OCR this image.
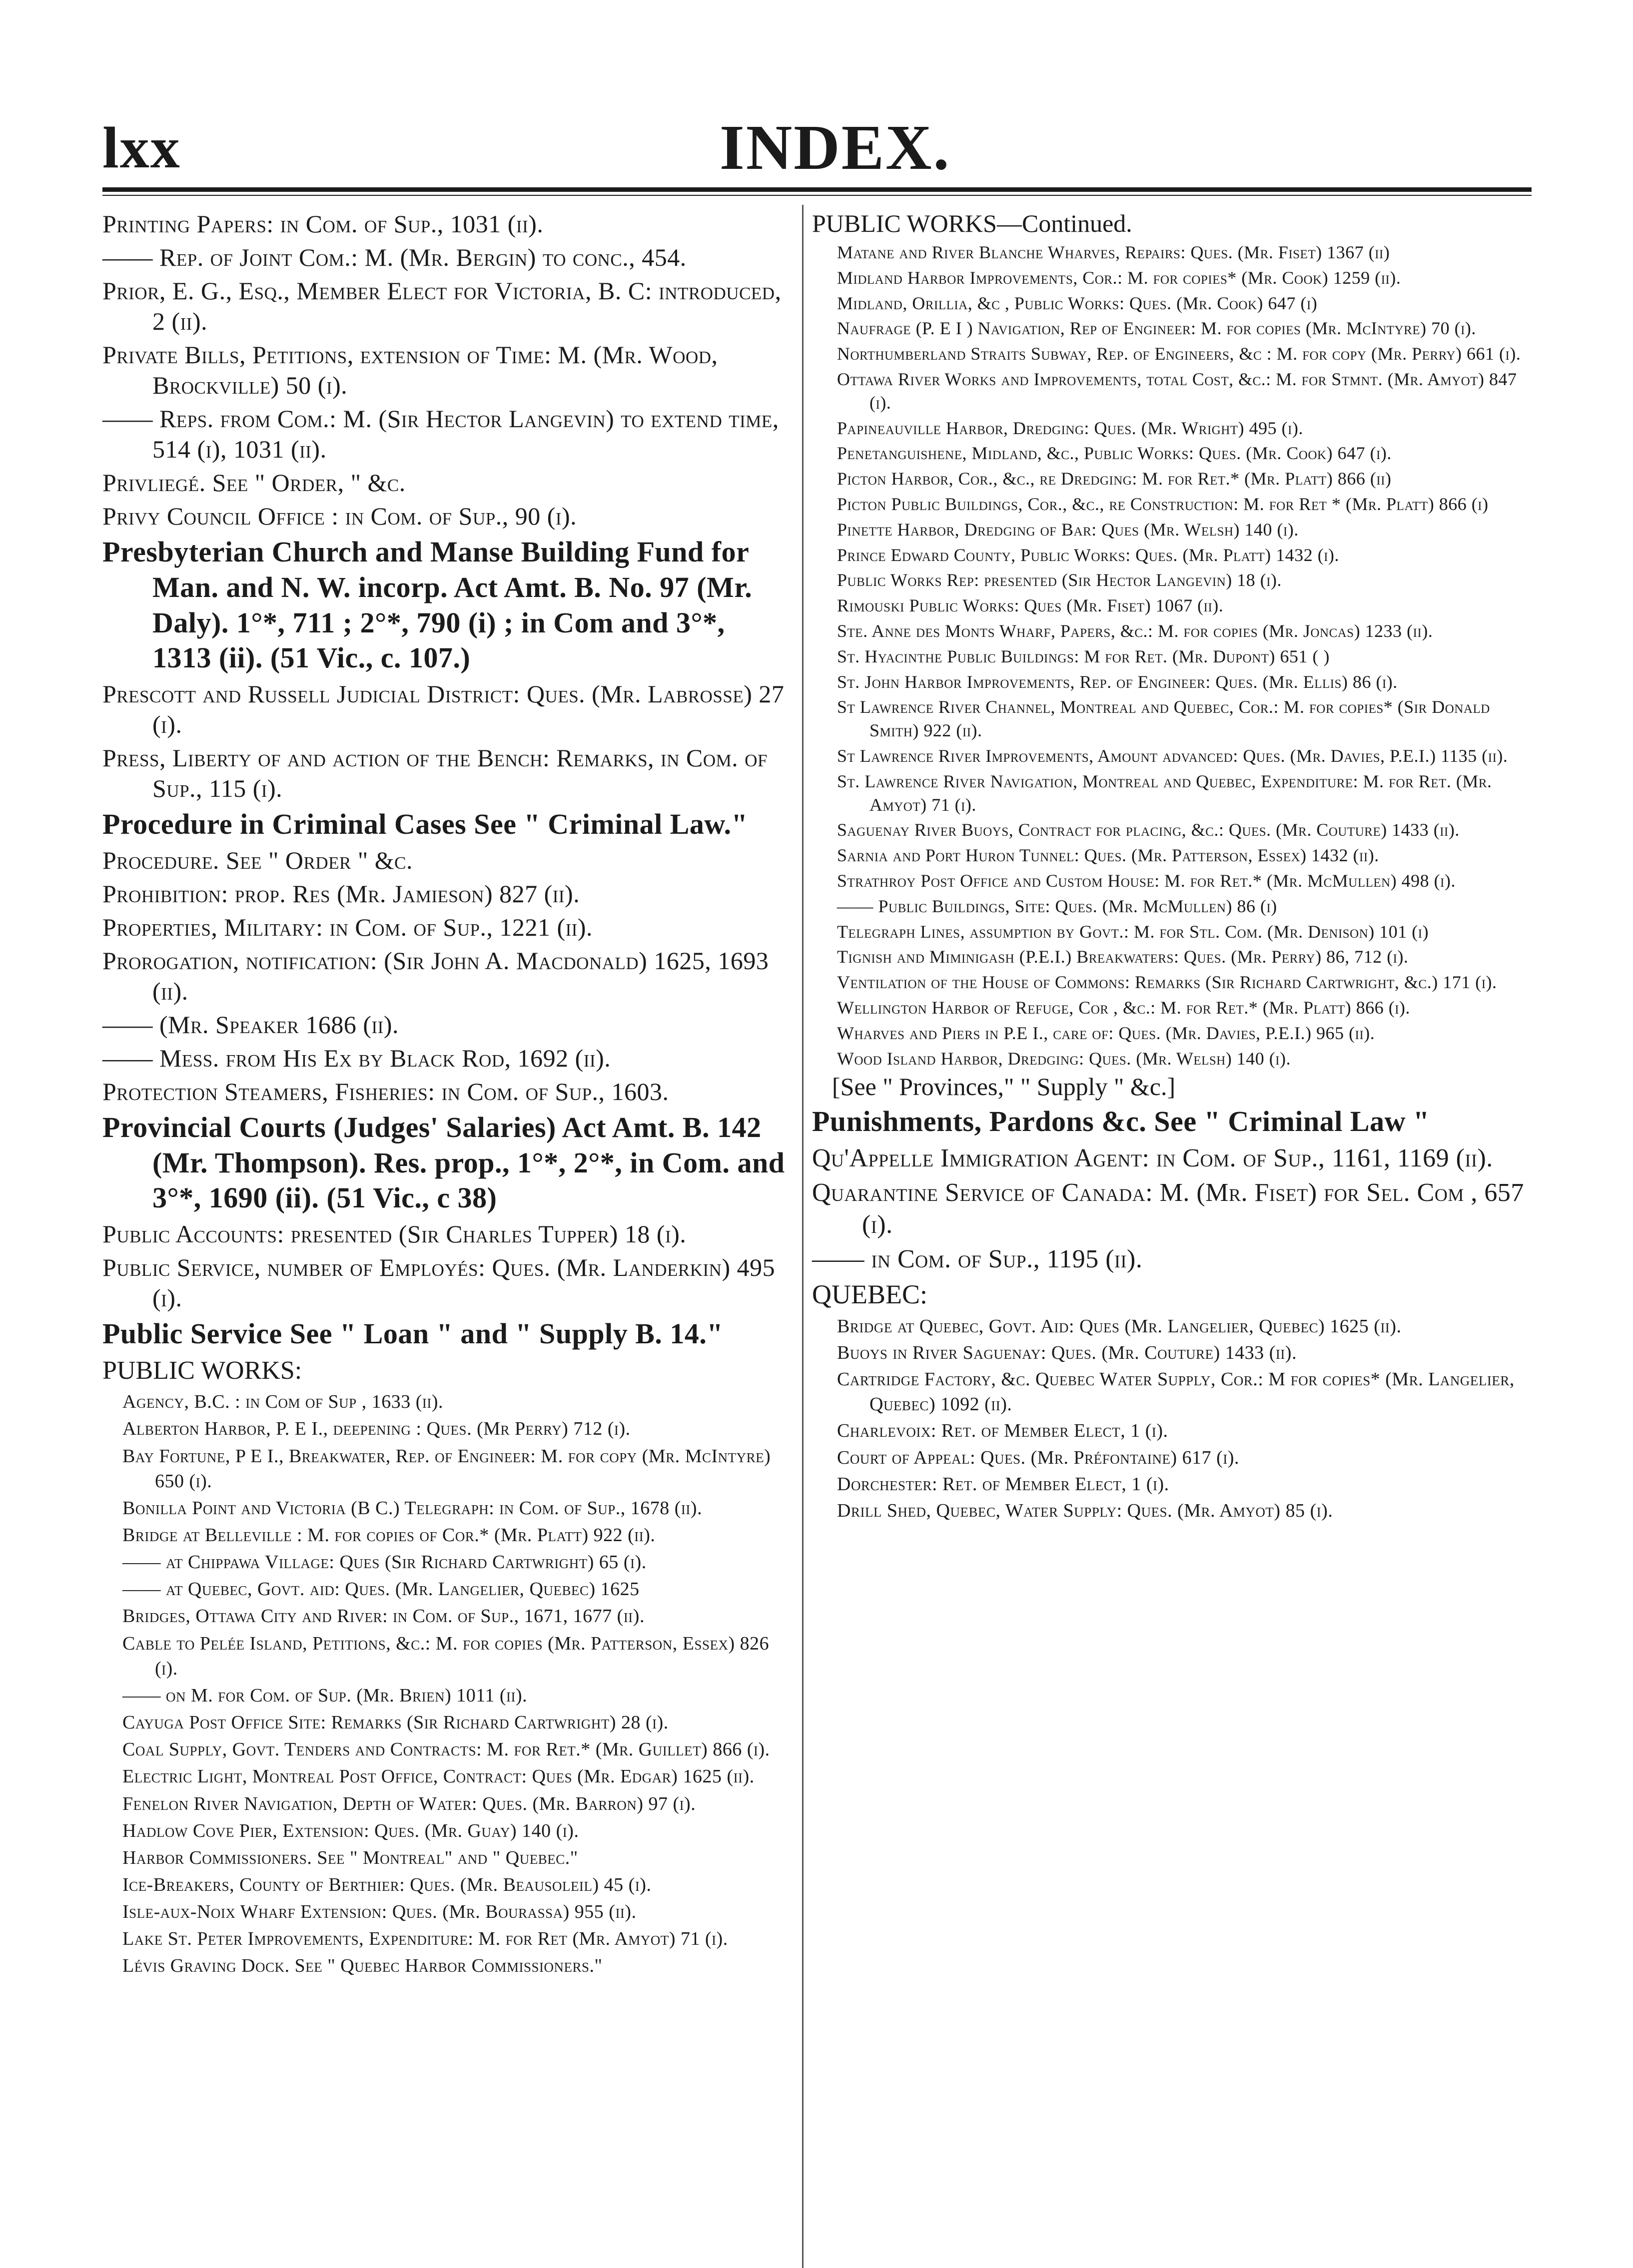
lxx	INDEX.
Printing Papers: in Com. of Sup., 1031 (ii).
—— Rep. of Joint Com.: M. (Mr. Bergin) to conc., 454.
Prior, E. G., Esq., Member Elect for Victoria, B. C: introduced, 2 (ii).
Private Bills, Petitions, extension of Time: M. (Mr. Wood, Brockville) 50 (i).
—— Reps. from Com.: M. (Sir Hector Langevin) to extend time, 514 (i), 1031 (ii).
Privliegé. See " Order, " &c.
Privy Council Office : in Com. of Sup., 90 (i).
Presbyterian Church and Manse Building Fund for Man. and N. W. incorp. Act Amt. B. No. 97 (Mr. Daly). 1°*, 711 ; 2°*, 790 (i) ; in Com and 3°*, 1313 (ii). (51 Vic., c. 107.)
Prescott and Russell Judicial District: Ques. (Mr. Labrosse) 27 (i).
Press, Liberty of and action of the Bench: Remarks, in Com. of Sup., 115 (i).
Procedure in Criminal Cases See " Criminal Law."
Procedure. See " Order " &c.
Prohibition: prop. Res (Mr. Jamieson) 827 (ii).
Properties, Military: in Com. of Sup., 1221 (ii).
Prorogation, notification: (Sir John A. Macdonald) 1625, 1693 (ii).
—— (Mr. Speaker 1686 (ii).
—— Mess. from His Ex by Black Rod, 1692 (ii).
Protection Steamers, Fisheries: in Com. of Sup., 1603.
Provincial Courts (Judges' Salaries) Act Amt. B. 142 (Mr. Thompson). Res. prop., 1°*, 2°*, in Com. and 3°*, 1690 (ii). (51 Vic., c 38)
Public Accounts: presented (Sir Charles Tupper) 18 (i).
Public Service, number of Employés: Ques. (Mr. Landerkin) 495 (i).
Public Service See " Loan " and " Supply B. 14."
PUBLIC WORKS:
Agency, B.C. : in Com of Sup , 1633 (ii).
Alberton Harbor, P. E I., deepening : Ques. (Mr Perry) 712 (i).
Bay Fortune, P E I., Breakwater, Rep. of Engineer: M. for copy (Mr. McIntyre) 650 (i).
Bonilla Point and Victoria (B C.) Telegraph: in Com. of Sup., 1678 (ii).
Bridge at Belleville : M. for copies of Cor.* (Mr. Platt) 922 (ii).
—— at Chippawa Village: Ques (Sir Richard Cartwright) 65 (i).
—— at Quebec, Govt. aid: Ques. (Mr. Langelier, Quebec) 1625
Bridges, Ottawa City and River: in Com. of Sup., 1671, 1677 (ii).
Cable to Pelée Island, Petitions, &c.: M. for copies (Mr. Patterson, Essex) 826 (i).
—— on M. for Com. of Sup. (Mr. Brien) 1011 (ii).
Cayuga Post Office Site: Remarks (Sir Richard Cartwright) 28 (i).
Coal Supply, Govt. Tenders and Contracts: M. for Ret.* (Mr. Guillet) 866 (i).
Electric Light, Montreal Post Office, Contract: Ques (Mr. Edgar) 1625 (ii).
Fenelon River Navigation, Depth of Water: Ques. (Mr. Barron) 97 (i).
Hadlow Cove Pier, Extension: Ques. (Mr. Guay) 140 (i).
Harbor Commissioners. See " Montreal" and " Quebec."
Ice-Breakers, County of Berthier: Ques. (Mr. Beausoleil) 45 (i).
Isle-aux-Noix Wharf Extension: Ques. (Mr. Bourassa) 955 (ii).
Lake St. Peter Improvements, Expenditure: M. for Ret (Mr. Amyot) 71 (i).
Lévis Graving Dock. See " Quebec Harbor Commissioners."
PUBLIC WORKS—Continued.
Matane and River Blanche Wharves, Repairs: Ques. (Mr. Fiset) 1367 (ii)
Midland Harbor Improvements, Cor.: M. for copies* (Mr. Cook) 1259 (ii).
Midland, Orillia, &c , Public Works: Ques. (Mr. Cook) 647 (i)
Naufrage (P. E I ) Navigation, Rep of Engineer: M. for copies (Mr. McIntyre) 70 (i).
Northumberland Straits Subway, Rep. of Engineers, &c : M. for copy (Mr. Perry) 661 (i).
Ottawa River Works and Improvements, total Cost, &c.: M. for Stmnt. (Mr. Amyot) 847 (i).
Papineauville Harbor, Dredging: Ques. (Mr. Wright) 495 (i).
Penetanguishene, Midland, &c., Public Works: Ques. (Mr. Cook) 647 (i).
Picton Harbor, Cor., &c., re Dredging: M. for Ret.* (Mr. Platt) 866 (ii)
Picton Public Buildings, Cor., &c., re Construction: M. for Ret * (Mr. Platt) 866 (i)
Pinette Harbor, Dredging of Bar: Ques (Mr. Welsh) 140 (i).
Prince Edward County, Public Works: Ques. (Mr. Platt) 1432 (i).
Public Works Rep: presented (Sir Hector Langevin) 18 (i).
Rimouski Public Works: Ques (Mr. Fiset) 1067 (ii).
Ste. Anne des Monts Wharf, Papers, &c.: M. for copies (Mr. Joncas) 1233 (ii).
St. Hyacinthe Public Buildings: M for Ret. (Mr. Dupont) 651 ( )
St. John Harbor Improvements, Rep. of Engineer: Ques. (Mr. Ellis) 86 (i).
St Lawrence River Channel, Montreal and Quebec, Cor.: M. for copies* (Sir Donald Smith) 922 (ii).
St Lawrence River Improvements, Amount advanced: Ques. (Mr. Davies, P.E.I.) 1135 (ii).
St. Lawrence River Navigation, Montreal and Quebec, Expenditure: M. for Ret. (Mr. Amyot) 71 (i).
Saguenay River Buoys, Contract for placing, &c.: Ques. (Mr. Couture) 1433 (ii).
Sarnia and Port Huron Tunnel: Ques. (Mr. Patterson, Essex) 1432 (ii).
Strathroy Post Office and Custom House: M. for Ret.* (Mr. McMullen) 498 (i).
—— Public Buildings, Site: Ques. (Mr. McMullen) 86 (i)
Telegraph Lines, assumption by Govt.: M. for Stl. Com. (Mr. Denison) 101 (i)
Tignish and Miminigash (P.E.I.) Breakwaters: Ques. (Mr. Perry) 86, 712 (i).
Ventilation of the House of Commons: Remarks (Sir Richard Cartwright, &c.) 171 (i).
Wellington Harbor of Refuge, Cor , &c.: M. for Ret.* (Mr. Platt) 866 (i).
Wharves and Piers in P.E I., care of: Ques. (Mr. Davies, P.E.I.) 965 (ii).
Wood Island Harbor, Dredging: Ques. (Mr. Welsh) 140 (i).
[See " Provinces," " Supply " &c.]
Punishments, Pardons &c. See " Criminal Law "
Qu'Appelle Immigration Agent: in Com. of Sup., 1161, 1169 (ii).
Quarantine Service of Canada: M. (Mr. Fiset) for Sel. Com , 657 (i).
—— in Com. of Sup., 1195 (ii).
QUEBEC:
Bridge at Quebec, Govt. Aid: Ques (Mr. Langelier, Quebec) 1625 (ii).
Buoys in River Saguenay: Ques. (Mr. Couture) 1433 (ii).
Cartridge Factory, &c. Quebec Water Supply, Cor.: M for copies* (Mr. Langelier, Quebec) 1092 (ii).
Charlevoix: Ret. of Member Elect, 1 (i).
Court of Appeal: Ques. (Mr. Préfontaine) 617 (i).
Dorchester: Ret. of Member Elect, 1 (i).
Drill Shed, Quebec, Water Supply: Ques. (Mr. Amyot) 85 (i).
